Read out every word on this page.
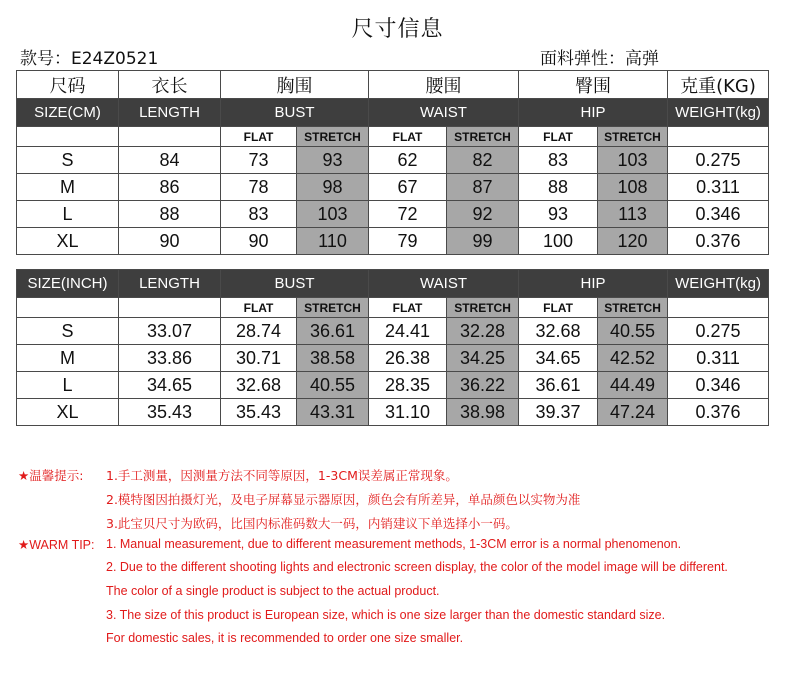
尺寸信息
款号：E24Z0521	面料弹性：高弹
尺码	衣长	胸围		腰围		臀围		克重(KG)
SIZE(CM)	LENGTH	BUST		WAIST		HIP		WEIGHT(kg)
		FLAT	STRETCH	FLAT	STRETCH	FLAT	STRETCH	
S	84	73	93	62	82	83	103	0.275
M	86	78	98	67	87	88	108	0.311
L	88	83	103	72	92	93	113	0.346
XL	90	90	110	79	99	100	120	0.376
SIZE(INCH)	LENGTH	BUST		WAIST		HIP		WEIGHT(kg)
		FLAT	STRETCH	FLAT	STRETCH	FLAT	STRETCH	
S	33.07	28.74	36.61	24.41	32.28	32.68	40.55	0.275
M	33.86	30.71	38.58	26.38	34.25	34.65	42.52	0.311
L	34.65	32.68	40.55	28.35	36.22	36.61	44.49	0.346
XL	35.43	35.43	43.31	31.10	38.98	39.37	47.24	0.376
★温馨提示: 1.手工测量，因测量方法不同等原因，1-3CM误差属正常现象。
2.模特图因拍摄灯光，及电子屏幕显示器原因，颜色会有所差异，单品颜色以实物为准
3.此宝贝尺寸为欧码，比国内标准码数大一码，内销建议下单选择小一码。
★WARM TIP: 1. Manual measurement, due to different measurement methods, 1-3CM error is a normal phenomenon.
2. Due to the different shooting lights and electronic screen display, the color of the model image will be different.
The color of a single product is subject to the actual product.
3. The size of this product is European size, which is one size larger than the domestic standard size.
For domestic sales, it is recommended to order one size smaller.
